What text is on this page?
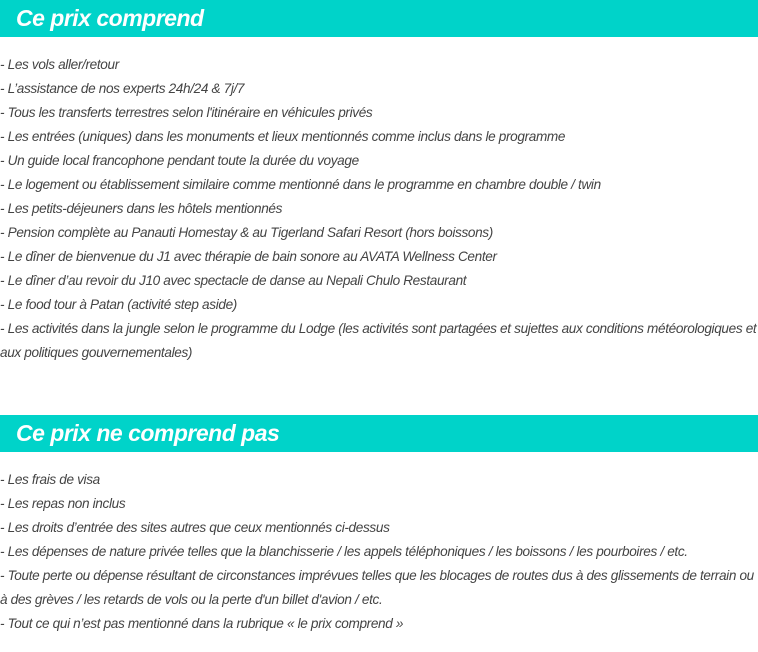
Ce prix comprend
- Les vols aller/retour
- L’assistance de nos experts 24h/24 & 7j/7
- Tous les transferts terrestres selon l'itinéraire en véhicules privés
- Les entrées (uniques) dans les monuments et lieux mentionnés comme inclus dans le programme
- Un guide local francophone pendant toute la durée du voyage
- Le logement ou établissement similaire comme mentionné dans le programme en chambre double / twin
- Les petits-déjeuners dans les hôtels mentionnés
- Pension complète au Panauti Homestay & au Tigerland Safari Resort (hors boissons)
- Le dîner de bienvenue du J1 avec thérapie de bain sonore au AVATA Wellness Center
- Le dîner d’au revoir du J10 avec spectacle de danse au Nepali Chulo Restaurant
- Le food tour à Patan (activité step aside)
- Les activités dans la jungle selon le programme du Lodge (les activités sont partagées et sujettes aux conditions météorologiques et aux politiques gouvernementales)
Ce prix ne comprend pas
- Les frais de visa
- Les repas non inclus
- Les droits d’entrée des sites autres que ceux mentionnés ci-dessus
- Les dépenses de nature privée telles que la blanchisserie / les appels téléphoniques / les boissons / les pourboires / etc.
- Toute perte ou dépense résultant de circonstances imprévues telles que les blocages de routes dus à des glissements de terrain ou à des grèves / les retards de vols ou la perte d'un billet d'avion / etc.
- Tout ce qui n’est pas mentionné dans la rubrique « le prix comprend »
